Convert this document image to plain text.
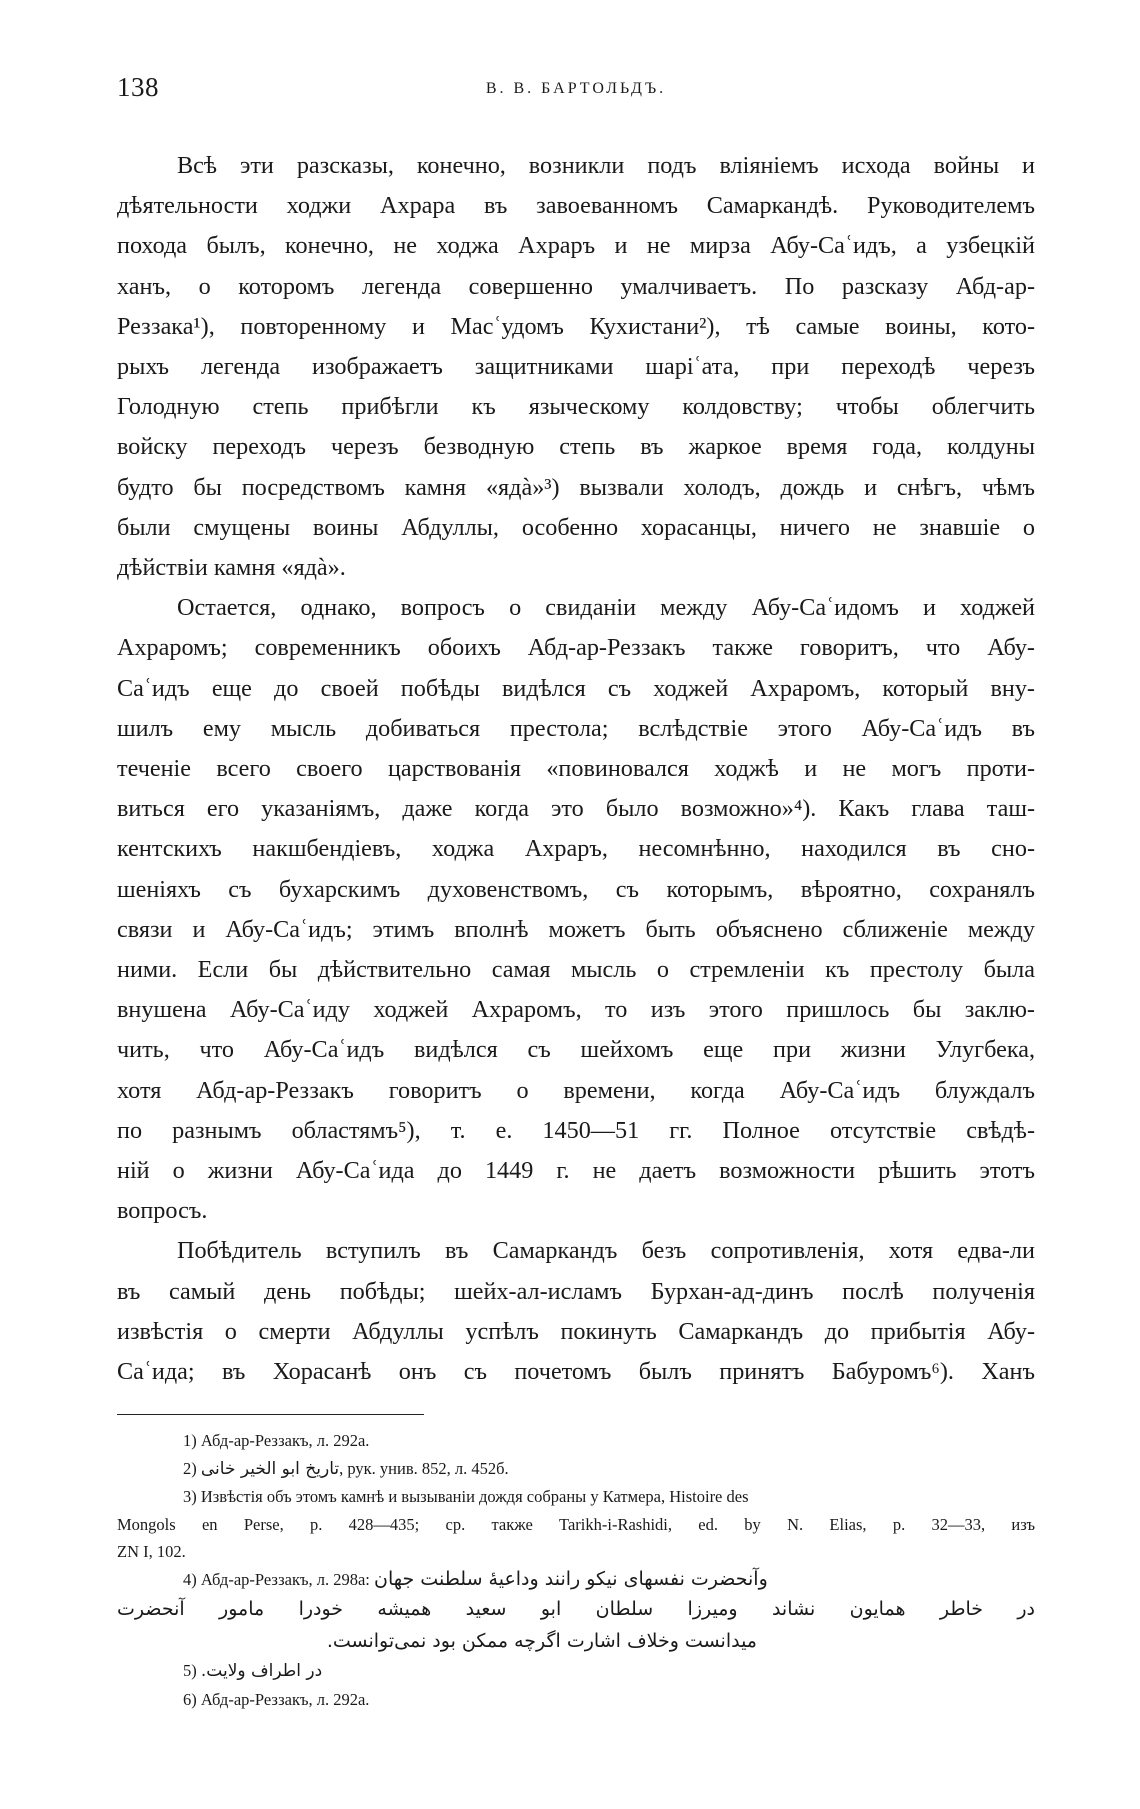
138	В. В. БАРТОЛЬДЪ.
Всѣ эти разсказы, конечно, возникли подъ вліяніемъ исхода войны и
дѣятельности ходжи Ахрара въ завоеванномъ Самаркандѣ. Руководителемъ
похода былъ, конечно, не ходжа Ахраръ и не мирза Абу-Саʿидъ, а узбецкій
ханъ, о которомъ легенда совершенно умалчиваетъ. По разсказу Абд-ар-
Реззака¹), повторенному и Масʿудомъ Кухистани²), тѣ самые воины, кото-
рыхъ легенда изображаетъ защитниками шаріʿата, при переходѣ черезъ
Голодную степь прибѣгли къ языческому колдовству; чтобы облегчить
войску переходъ черезъ безводную степь въ жаркое время года, колдуны
будто бы посредствомъ камня «ядà»³) вызвали холодъ, дождь и снѣгъ, чѣмъ
были смущены воины Абдуллы, особенно хорасанцы, ничего не знавшіе о
дѣйствіи камня «ядà».
Остается, однако, вопросъ о свиданіи между Абу-Саʿидомъ и ходжей
Ахраромъ; современникъ обоихъ Абд-ар-Реззакъ также говоритъ, что Абу-
Саʿидъ еще до своей побѣды видѣлся съ ходжей Ахраромъ, который вну-
шилъ ему мысль добиваться престола; вслѣдствіе этого Абу-Саʿидъ въ
теченіе всего своего царствованія «повиновался ходжѣ и не могъ проти-
виться его указаніямъ, даже когда это было возможно»⁴). Какъ глава таш-
кентскихъ накшбендіевъ, ходжа Ахраръ, несомнѣнно, находился въ сно-
шеніяхъ съ бухарскимъ духовенствомъ, съ которымъ, вѣроятно, сохранялъ
связи и Абу-Саʿидъ; этимъ вполнѣ можетъ быть объяснено сближеніе между
ними. Если бы дѣйствительно самая мысль о стремленіи къ престолу была
внушена Абу-Саʿиду ходжей Ахраромъ, то изъ этого пришлось бы заклю-
чить, что Абу-Саʿидъ видѣлся съ шейхомъ еще при жизни Улугбека,
хотя Абд-ар-Реззакъ говоритъ о времени, когда Абу-Саʿидъ блуждалъ
по разнымъ областямъ⁵), т. е. 1450—51 гг. Полное отсутствіе свѣдѣ-
ній о жизни Абу-Саʿида до 1449 г. не даетъ возможности рѣшить этотъ
вопросъ.
Побѣдитель вступилъ въ Самаркандъ безъ сопротивленія, хотя едва-ли
въ самый день побѣды; шейх-ал-исламъ Бурхан-ад-динъ послѣ полученія
извѣстія о смерти Абдуллы успѣлъ покинуть Самаркандъ до прибытія Абу-
Саʿида; въ Хорасанѣ онъ съ почетомъ былъ принятъ Бабуромъ⁶). Ханъ
1) Абд-ар-Реззакъ, л. 292а.
2) تاریخ ابو الخیر خانی, рук. унив. 852, л. 452б.
3) Извѣстія объ этомъ камнѣ и вызываніи дождя собраны у Катмера, Histoire des
Mongols en Perse, p. 428—435; ср. также Tarikh-i-Rashidi, ed. by N. Elias, p. 32—33, изъ
ZN I, 102.
4) Абд-ар-Реззакъ, л. 298а: وآنحضرت نفسهای نیکو رانند وداعیهٔ سلطنت جهان
در خاطر همایون نشاند ومیرزا سلطان ابو سعید همیشه خودرا مامور آنحضرت
میدانست وخلاف اشارت اگرچه ممکن بود نمی‌توانست.
5) در اطراف ولایت.
6) Абд-ар-Реззакъ, л. 292а.
